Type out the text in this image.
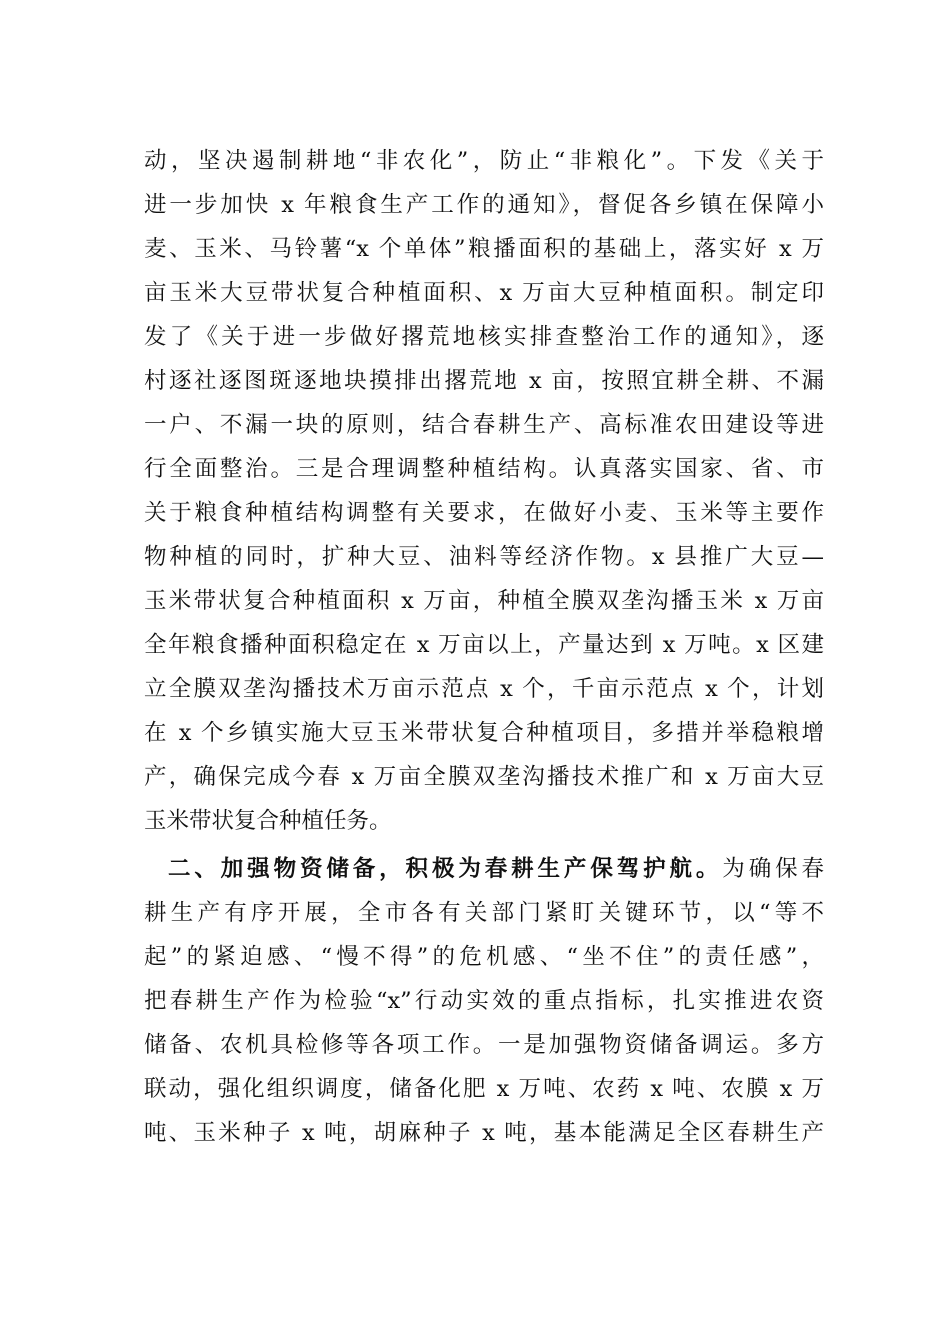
动，坚决遏制耕地“非农化”，防止“非粮化”。下发《关于
进一步加快 x 年粮食生产工作的通知》，督促各乡镇在保障小
麦、玉米、马铃薯“x 个单体”粮播面积的基础上，落实好 x 万
亩玉米大豆带状复合种植面积、x 万亩大豆种植面积。制定印
发了《关于进一步做好撂荒地核实排查整治工作的通知》，逐
村逐社逐图斑逐地块摸排出撂荒地 x 亩，按照宜耕全耕、不漏
一户、不漏一块的原则，结合春耕生产、高标准农田建设等进
行全面整治。三是合理调整种植结构。认真落实国家、省、市
关于粮食种植结构调整有关要求，在做好小麦、玉米等主要作
物种植的同时，扩种大豆、油料等经济作物。x 县推广大豆—
玉米带状复合种植面积 x 万亩，种植全膜双垄沟播玉米 x 万亩
全年粮食播种面积稳定在 x 万亩以上，产量达到 x 万吨。x 区建
立全膜双垄沟播技术万亩示范点 x 个，千亩示范点 x 个，计划
在 x 个乡镇实施大豆玉米带状复合种植项目，多措并举稳粮增
产，确保完成今春 x 万亩全膜双垄沟播技术推广和 x 万亩大豆
玉米带状复合种植任务。
二、加强物资储备，积极为春耕生产保驾护航。为确保春
耕生产有序开展，全市各有关部门紧盯关键环节，以“等不
起”的紧迫感、“慢不得”的危机感、“坐不住”的责任感”，
把春耕生产作为检验“x”行动实效的重点指标，扎实推进农资
储备、农机具检修等各项工作。一是加强物资储备调运。多方
联动，强化组织调度，储备化肥 x 万吨、农药 x 吨、农膜 x 万
吨、玉米种子 x 吨，胡麻种子 x 吨，基本能满足全区春耕生产
